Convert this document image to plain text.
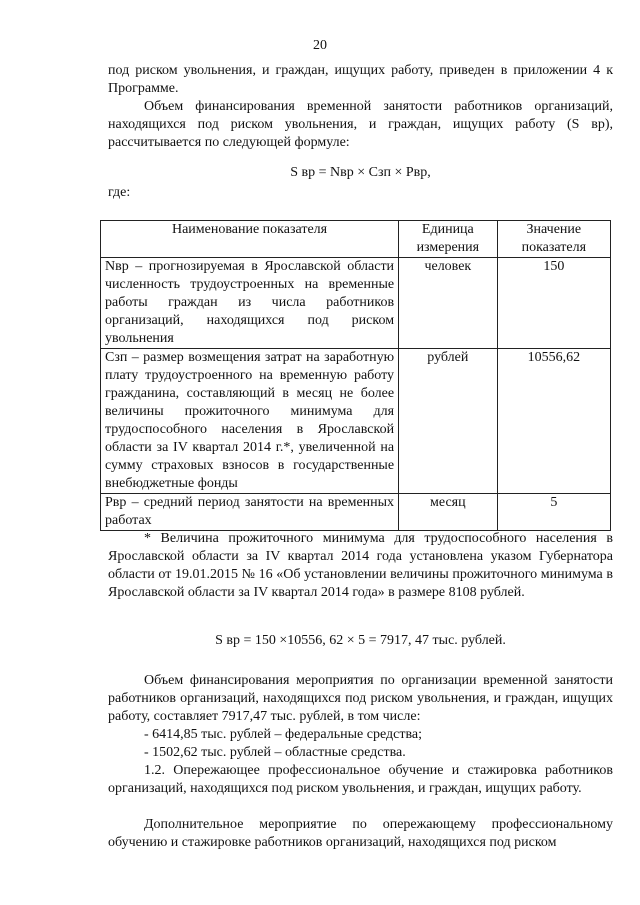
20

под риском увольнения, и граждан, ищущих работу, приведен в приложении 4 к Программе.

Объем финансирования временной занятости работников организаций, находящихся под риском увольнения, и граждан, ищущих работу (S вр), рассчитывается по следующей формуле:

S вр = Nвр × Сзп × Рвр,

где:

Наименование показателя	Единица измерения	Значение показателя
Nвр – прогнозируемая в Ярославской области численность трудоустроенных на временные работы граждан из числа работников организаций, находящихся под риском увольнения	человек	150
Сзп – размер возмещения затрат на заработную плату трудоустроенного на временную работу гражданина, составляющий в месяц не более величины прожиточного минимума для трудоспособного населения в Ярославской области за IV квартал 2014 г.*, увеличенной на сумму страховых взносов в государственные внебюджетные фонды	рублей	10556,62
Рвр – средний период занятости на временных работах	месяц	5

* Величина прожиточного минимума для трудоспособного населения в Ярославской области за IV квартал 2014 года установлена указом Губернатора области от 19.01.2015 № 16 «Об установлении величины прожиточного минимума в Ярославской области за IV квартал 2014 года» в размере 8108 рублей.

S вр = 150 ×10556, 62 × 5 = 7917, 47 тыс. рублей.

Объем финансирования мероприятия по организации временной занятости работников организаций, находящихся под риском увольнения, и граждан, ищущих работу, составляет 7917,47 тыс. рублей, в том числе:

- 6414,85 тыс. рублей – федеральные средства;

- 1502,62 тыс. рублей – областные средства.

1.2. Опережающее профессиональное обучение и стажировка работников организаций, находящихся под риском увольнения, и граждан, ищущих работу.

Дополнительное мероприятие по опережающему профессиональному обучению и стажировке работников организаций, находящихся под риском
